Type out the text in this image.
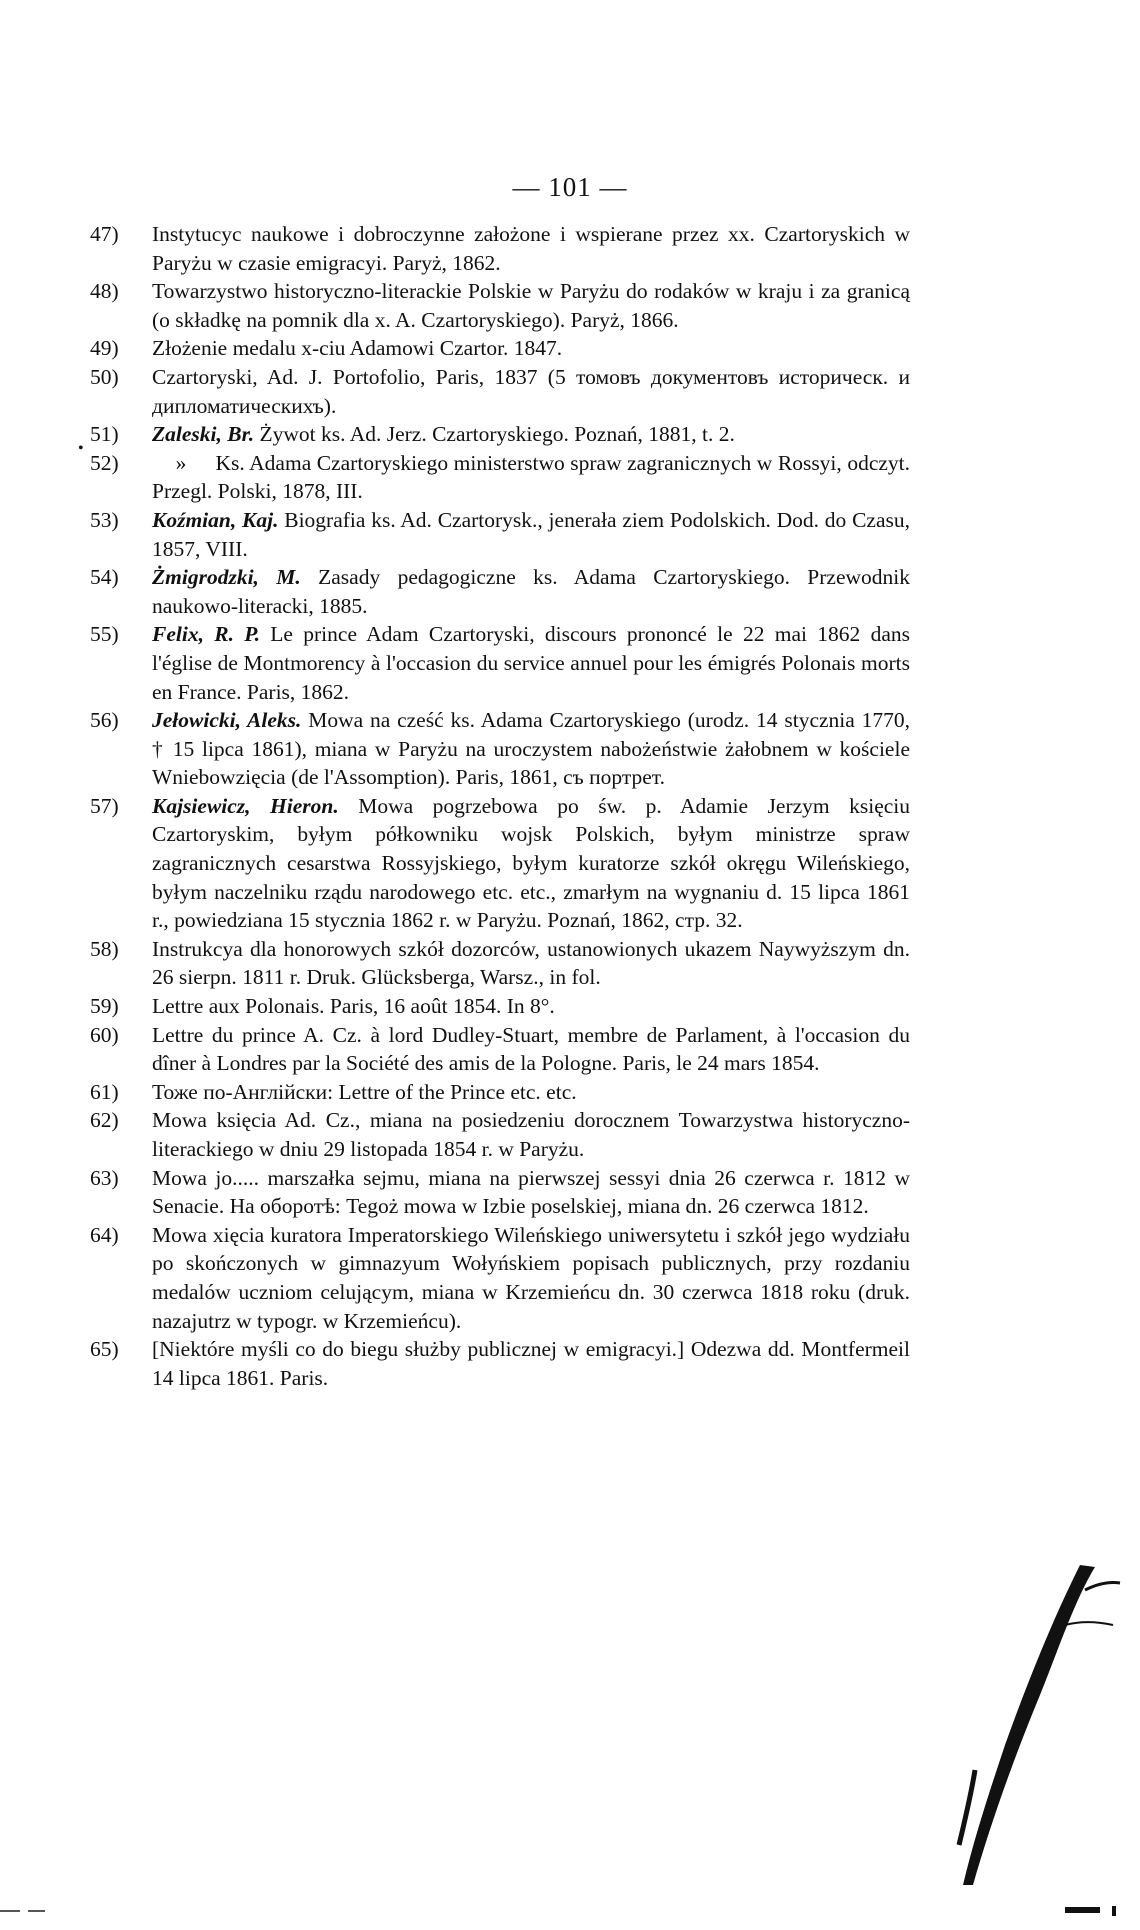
— 101 —
•
47)	Instytucyc naukowe i dobroczynne założone i wspierane przez xx. Czartoryskich w Paryżu w czasie emigracyi. Paryż, 1862.
48)	Towarzystwo historyczno-literackie Polskie w Paryżu do rodaków w kraju i za granicą (o składkę na pomnik dla x. A. Czartoryskiego). Paryż, 1866.
49)	Złożenie medalu x-ciu Adamowi Czartor. 1847.
50)	Czartoryski, Ad. J. Portofolio, Paris, 1837 (5 томовъ документовъ историческ. и дипломатическихъ).
51)	Zaleski, Br. Żywot ks. Ad. Jerz. Czartoryskiego. Poznań, 1881, t. 2.
52)	» Ks. Adama Czartoryskiego ministerstwo spraw zagranicznych w Rossyi, odczyt. Przegl. Polski, 1878, III.
53)	Koźmian, Kaj. Biografia ks. Ad. Czartorysk., jenerała ziem Podolskich. Dod. do Czasu, 1857, VIII.
54)	Żmigrodzki, M. Zasady pedagogiczne ks. Adama Czartoryskiego. Przewodnik naukowo-literacki, 1885.
55)	Felix, R. P. Le prince Adam Czartoryski, discours prononcé le 22 mai 1862 dans l'église de Montmorency à l'occasion du service annuel pour les émigrés Polonais morts en France. Paris, 1862.
56)	Jełowicki, Aleks. Mowa na cześć ks. Adama Czartoryskiego (urodz. 14 stycznia 1770, † 15 lipca 1861), miana w Paryżu na uroczystem nabożeństwie żałobnem w kościele Wniebowzięcia (de l'Assomption). Paris, 1861, съ портрет.
57)	Kajsiewicz, Hieron. Mowa pogrzebowa po św. p. Adamie Jerzym księciu Czartoryskim, byłym półkowniku wojsk Polskich, byłym ministrze spraw zagranicznych cesarstwa Rossyjskiego, byłym kuratorze szkół okręgu Wileńskiego, byłym naczelniku rządu narodowego etc. etc., zmarłym na wygnaniu d. 15 lipca 1861 r., powiedziana 15 stycznia 1862 r. w Paryżu. Poznań, 1862, стр. 32.
58)	Instrukcya dla honorowych szkół dozorców, ustanowionych ukazem Naywyższym dn. 26 sierpn. 1811 r. Druk. Glücksberga, Warsz., in fol.
59)	Lettre aux Polonais. Paris, 16 août 1854. In 8°.
60)	Lettre du prince A. Cz. à lord Dudley-Stuart, membre de Parlament, à l'occasion du dîner à Londres par la Société des amis de la Pologne. Paris, le 24 mars 1854.
61)	Тоже по-Англійски: Lettre of the Prince etc. etc.
62)	Mowa księcia Ad. Cz., miana na posiedzeniu dorocznem Towarzystwa historyczno-literackiego w dniu 29 listopada 1854 r. w Paryżu.
63)	Mowa jo..... marszałka sejmu, miana na pierwszej sessyi dnia 26 czerwca r. 1812 w Senacie. На оборотѣ: Tegoż mowa w Izbie poselskiej, miana dn. 26 czerwca 1812.
64)	Mowa xięcia kuratora Imperatorskiego Wileńskiego uniwersytetu i szkół jego wydziału po skończonych w gimnazyum Wołyńskiem popisach publicznych, przy rozdaniu medalów uczniom celującym, miana w Krzemieńcu dn. 30 czerwca 1818 roku (druk. nazajutrz w typogr. w Krzemieńcu).
65)	[Niektóre myśli co do biegu służby publicznej w emigracyi.] Odezwa dd. Montfermeil 14 lipca 1861. Paris.
